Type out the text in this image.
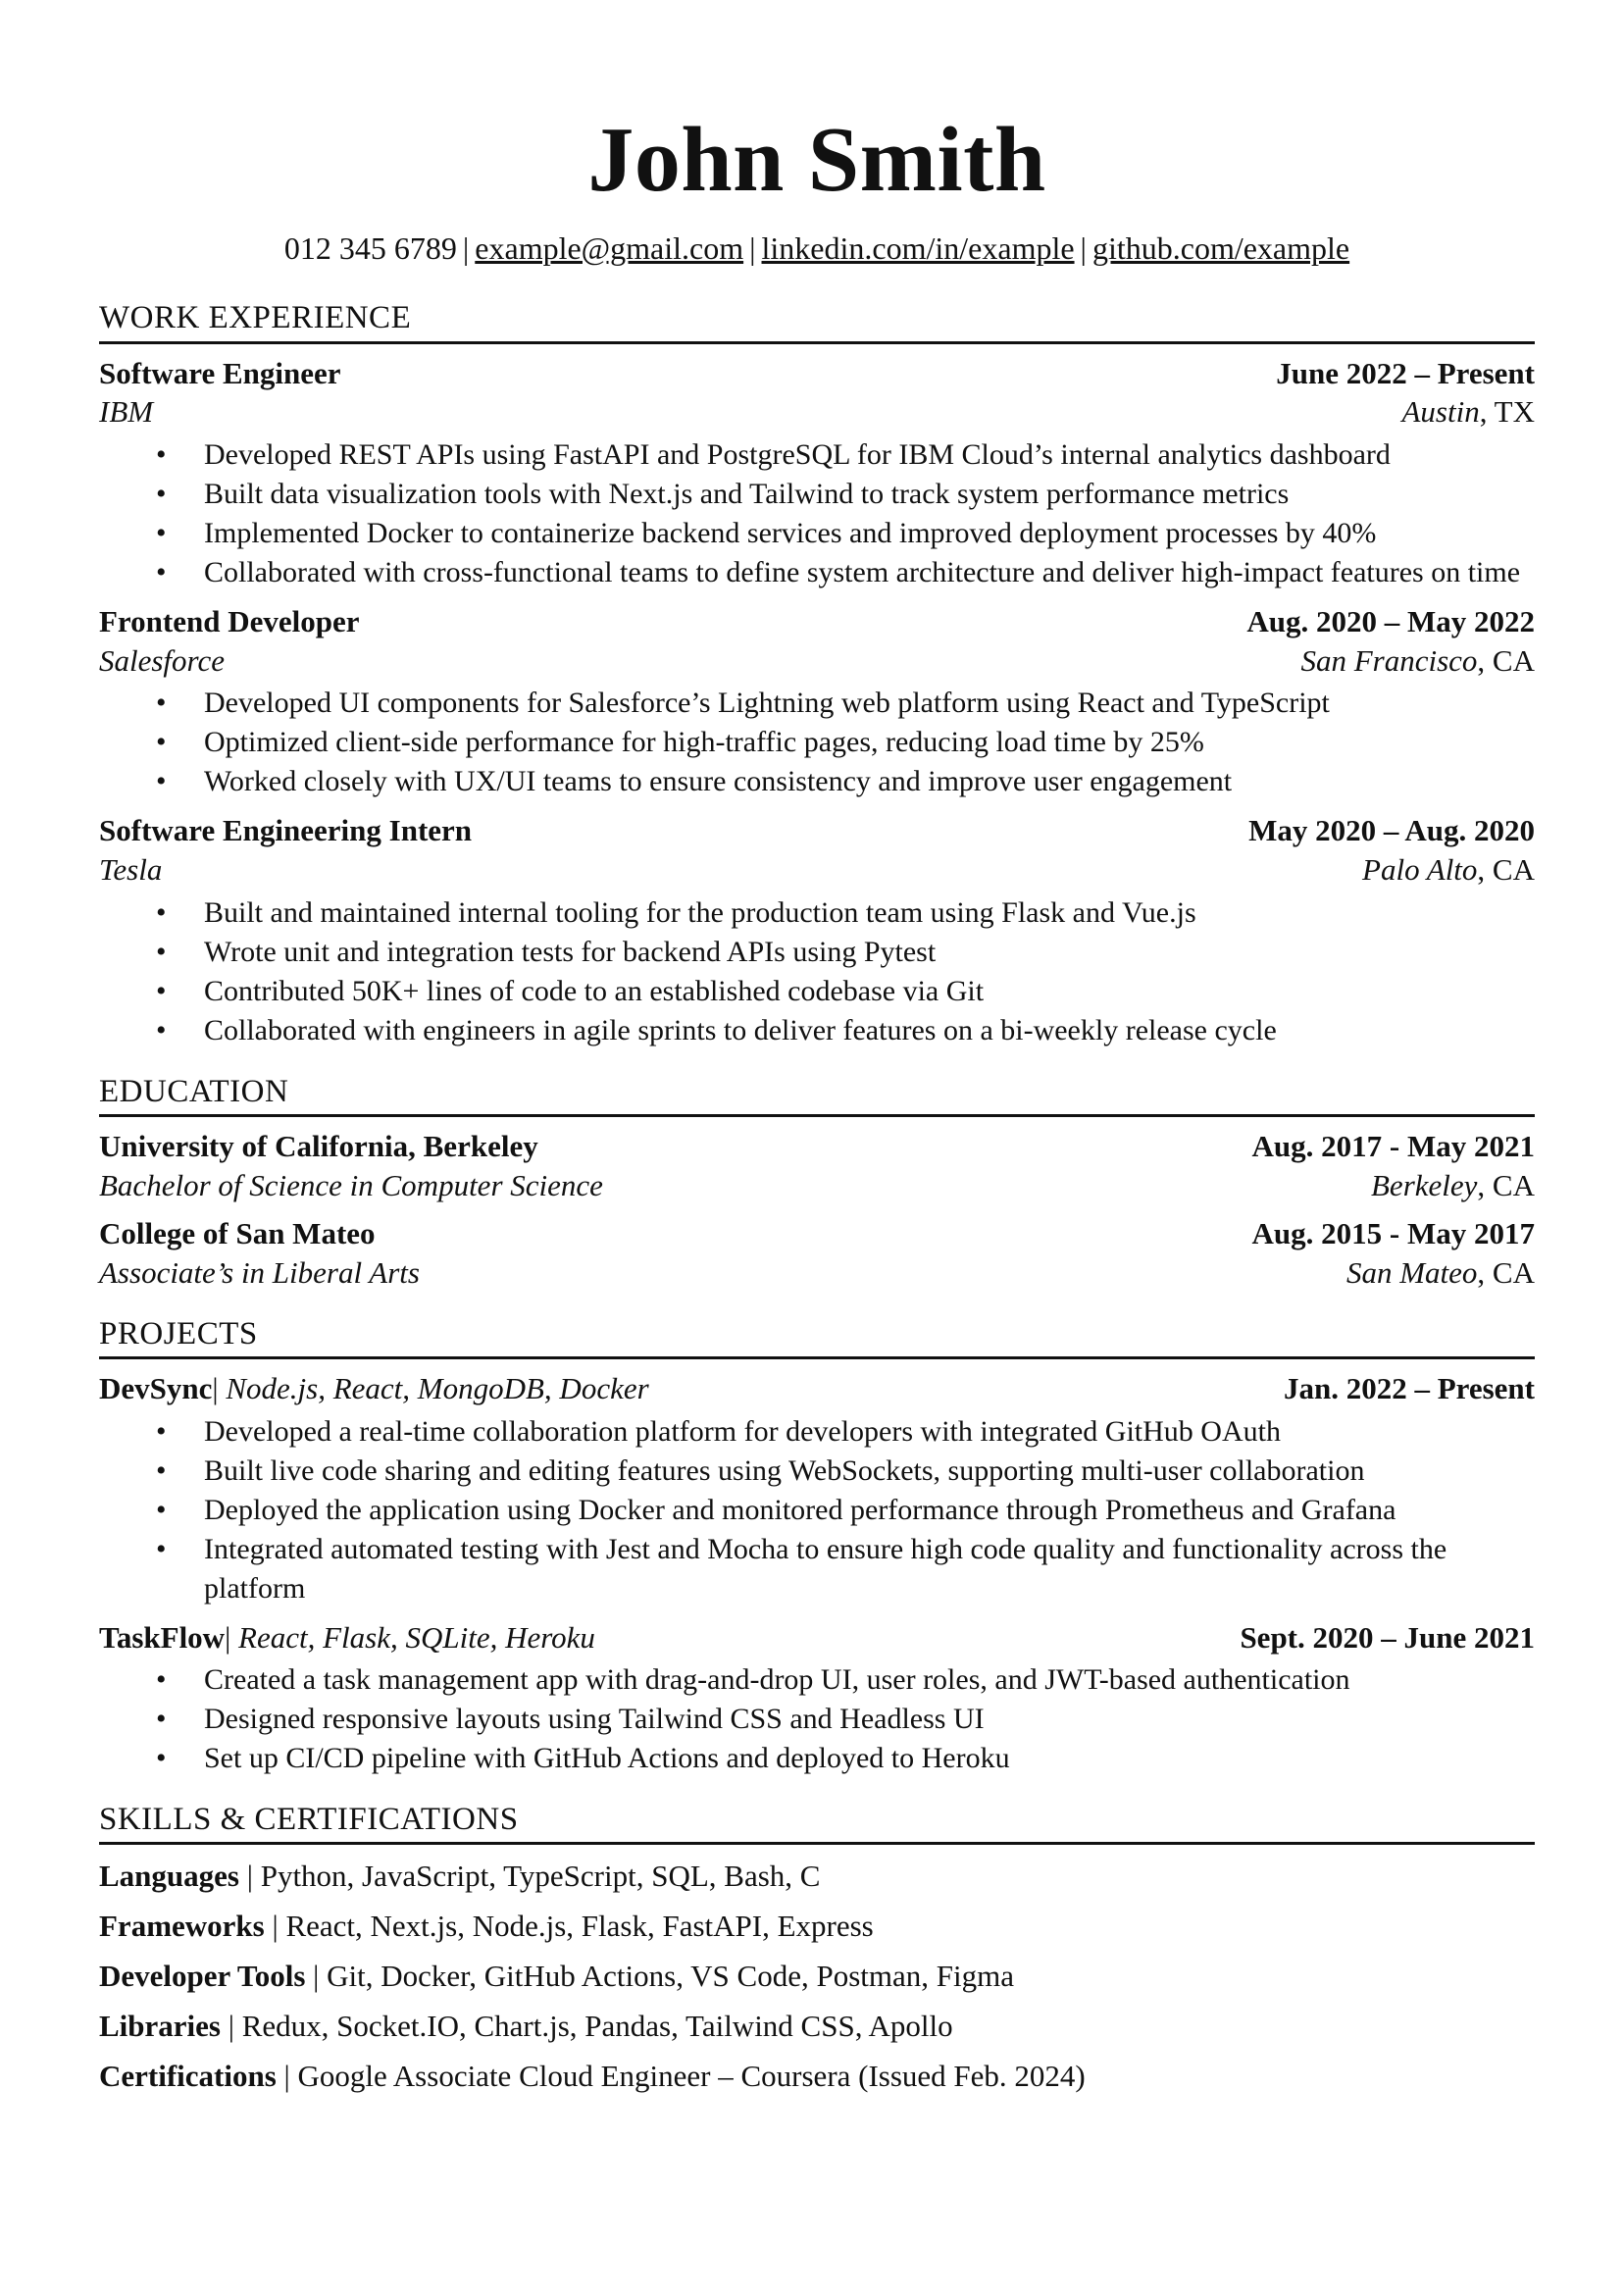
John Smith
012 345 6789 | example@gmail.com | linkedin.com/in/example | github.com/example
WORK EXPERIENCE
Software Engineer	June 2022 – Present
IBM	Austin, TX
• Developed REST APIs using FastAPI and PostgreSQL for IBM Cloud’s internal analytics dashboard
• Built data visualization tools with Next.js and Tailwind to track system performance metrics
• Implemented Docker to containerize backend services and improved deployment processes by 40%
• Collaborated with cross-functional teams to define system architecture and deliver high-impact features on time
Frontend Developer	Aug. 2020 – May 2022
Salesforce	San Francisco, CA
• Developed UI components for Salesforce’s Lightning web platform using React and TypeScript
• Optimized client-side performance for high-traffic pages, reducing load time by 25%
• Worked closely with UX/UI teams to ensure consistency and improve user engagement
Software Engineering Intern	May 2020 – Aug. 2020
Tesla	Palo Alto, CA
• Built and maintained internal tooling for the production team using Flask and Vue.js
• Wrote unit and integration tests for backend APIs using Pytest
• Contributed 50K+ lines of code to an established codebase via Git
• Collaborated with engineers in agile sprints to deliver features on a bi-weekly release cycle
EDUCATION
University of California, Berkeley	Aug. 2017 - May 2021
Bachelor of Science in Computer Science	Berkeley, CA
College of San Mateo	Aug. 2015 - May 2017
Associate’s in Liberal Arts	San Mateo, CA
PROJECTS
DevSync| Node.js, React, MongoDB, Docker	Jan. 2022 – Present
• Developed a real-time collaboration platform for developers with integrated GitHub OAuth
• Built live code sharing and editing features using WebSockets, supporting multi-user collaboration
• Deployed the application using Docker and monitored performance through Prometheus and Grafana
• Integrated automated testing with Jest and Mocha to ensure high code quality and functionality across the platform
TaskFlow| React, Flask, SQLite, Heroku	Sept. 2020 – June 2021
• Created a task management app with drag-and-drop UI, user roles, and JWT-based authentication
• Designed responsive layouts using Tailwind CSS and Headless UI
• Set up CI/CD pipeline with GitHub Actions and deployed to Heroku
SKILLS & CERTIFICATIONS
Languages | Python, JavaScript, TypeScript, SQL, Bash, C
Frameworks | React, Next.js, Node.js, Flask, FastAPI, Express
Developer Tools | Git, Docker, GitHub Actions, VS Code, Postman, Figma
Libraries | Redux, Socket.IO, Chart.js, Pandas, Tailwind CSS, Apollo
Certifications | Google Associate Cloud Engineer – Coursera (Issued Feb. 2024)
